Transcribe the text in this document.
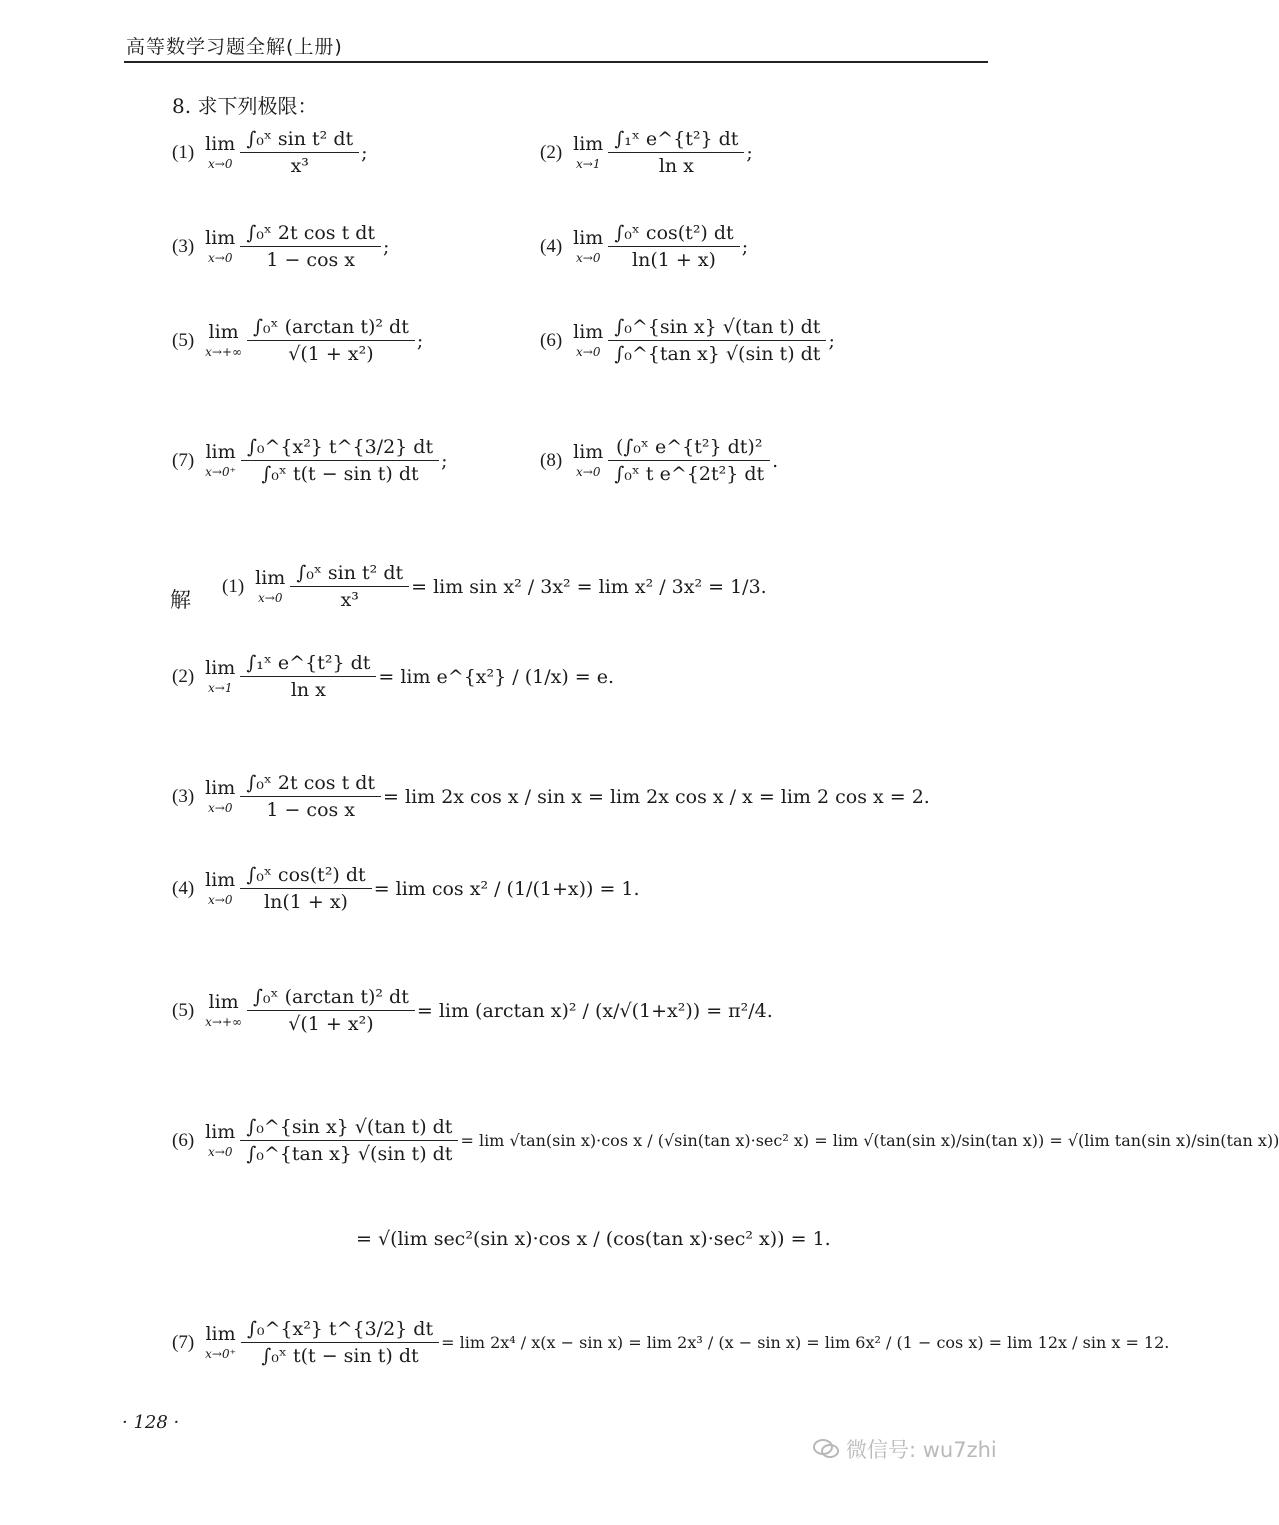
高等数学习题全解(上册)
8. 求下列极限：
(1) lim
$x\to 0 \frac{\text{∫₀ˣ sin t² dt}}{\text{x³}}$ ;	(2) lim
$x\to 1 \frac{\text{∫₁ˣ e\textasciicircum{}\{t²\} dt}}{\text{ln x}}$ ;
(3) lim
$x\to 0 \frac{\text{∫₀ˣ 2t cos t dt}}{\text{1 − cos x}}$ ;	(4) lim
$x\to 0 \frac{\text{∫₀ˣ cos(t²) dt}}{\ln(1 + x)}$ ;
(5) lim
$x\to+\infty \frac{\text{∫₀ˣ (arctan t)² dt}}{\text{√(1 + x²)}}$ ;	(6) lim
$x\to 0 \frac{\text{∫₀\textasciicircum{}\{sin x\} √(tan t) dt}}{\text{∫₀\textasciicircum{}\{tan x\} √(sin t) dt}}$ ;
(7) lim
$x\to 0^+ \frac{\text{∫₀\textasciicircum{}\{x²\} t\textasciicircum{}\{3/2\} dt}}{\text{∫₀ˣ t(t − sin t) dt}}$ ;	(8) lim
$x\to 0 \frac{\text{(∫₀ˣ e\textasciicircum{}\{t²\} dt)²}}{\text{∫₀ˣ t e\textasciicircum{}\{2t²\} dt}}$ .
解
(1) lim
$x\to 0 \frac{\text{∫₀ˣ sin t² dt}}{\text{x³}} = \lim \sin x^2 / 3x^2 = \lim x^2 / 3x^2 = 1/3$.
(2) lim
$x\to 1 \frac{\text{∫₁ˣ e\textasciicircum{}\{t²\} dt}}{\text{ln x}} = \lim$ e^{x²} / (1/x) = e.
(3) lim
$x\to 0 \frac{\text{∫₀ˣ 2t cos t dt}}{\text{1 − cos x}} = \lim 2x$ cos x / sin x = lim 2x cos x / x = lim 2 cos x = 2.
(4) lim
$x\to 0 \frac{\text{∫₀ˣ cos(t²) dt}}{\ln(1 + x)} = \lim \cos x^2 / (1/(1+x)) = 1$.
(5) lim
$x\to+\infty \frac{\text{∫₀ˣ (arctan t)² dt}}{\text{√(1 + x²)}} = \lim (\arctan$ x)² / (x/√(1+x²)) = π²/4.
(6) lim
$x\to 0 \frac{\text{∫₀\textasciicircum{}\{sin x\} √(tan t) dt}}{\text{∫₀\textasciicircum{}\{tan x\} √(sin t) dt}} = \lim √\tan(\sin$ x)·cos x / (√sin(tan x)·sec² x) = lim √(tan(sin x)/sin(tan x)) = √(lim tan(sin x)/sin(tan x))
= √(lim sec²(sin x)·cos x / (cos(tan x)·sec² x)) = 1.
(7) lim
$x\to 0^+ \frac{\text{∫₀\textasciicircum{}\{x²\} t\textasciicircum{}\{3/2\} dt}}{\text{∫₀ˣ t(t − sin t) dt}} = \lim 2x^4 / x(x - \sin x) = \lim 2x^3 / (x - \sin x) = \lim 6x^2 / (1 - \cos x) = \lim 12x / \sin x = 12$.
· 128 ·
微信号: wu7zhi
